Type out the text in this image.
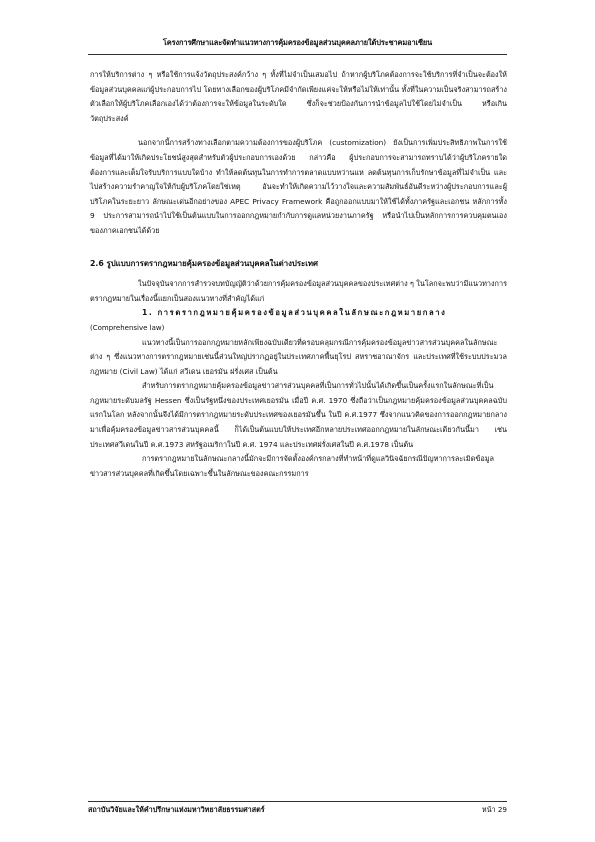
โครงการศึกษาและจัดทำแนวทางการคุ้มครองข้อมูลส่วนบุคคลภายใต้ประชาคมอาเซียน

การให้บริการต่าง ๆ หรือใช้การแจ้งวัตถุประสงค์กว้าง ๆ ทั้งที่ไม่จำเป็นเสมอไป ถ้าหากผู้บริโภคต้องการจะใช้บริการที่จำเป็นจะต้องให้ข้อมูลส่วนบุคคลแก่ผู้ประกอบการไป โดยทางเลือกของผู้บริโภคมีจำกัดเพียงแค่จะให้หรือไม่ให้เท่านั้น ทั้งที่ในความเป็นจริงสามารถสร้างตัวเลือกให้ผู้บริโภคเลือกเองได้ว่าต้องการจะให้ข้อมูลในระดับใด ซึ่งก็จะช่วยป้องกันการนำข้อมูลไปใช้โดยไม่จำเป็น หรือเกินวัตถุประสงค์

นอกจากนี้การสร้างทางเลือกตามความต้องการของผู้บริโภค (customization) ยังเป็นการเพิ่มประสิทธิภาพในการใช้ข้อมูลที่ได้มาให้เกิดประโยชน์สูงสุดสำหรับตัวผู้ประกอบการเองด้วย กล่าวคือ ผู้ประกอบการจะสามารถทราบได้ว่าผู้บริโภครายใดต้องการและเต็มใจรับบริการแบบใดบ้าง ทำให้ลดต้นทุนในการทำการตลาดแบบหว่านแห ลดต้นทุนการเก็บรักษาข้อมูลที่ไม่จำเป็น และไปสร้างความรำคาญใจให้กับผู้บริโภคโดยใช่เหตุ อันจะทำให้เกิดความไว้วางใจและความสัมพันธ์อันดีระหว่างผู้ประกอบการและผู้บริโภคในระยะยาว ลักษณะเด่นอีกอย่างของ APEC Privacy Framework คือถูกออกแบบมาให้ใช้ได้ทั้งภาครัฐและเอกชน หลักการทั้ง 9 ประการสามารถนำไปใช้เป็นต้นแบบในการออกกฎหมายกำกับการดูแลหน่วยงานภาครัฐ หรือนำไปเป็นหลักการการควบคุมตนเองของภาคเอกชนได้ด้วย

2.6 รูปแบบการตรากฎหมายคุ้มครองข้อมูลส่วนบุคคลในต่างประเทศ

ในปัจจุบันจากการสำรวจบทบัญญัติว่าด้วยการคุ้มครองข้อมูลส่วนบุคคลของประเทศต่าง ๆ ในโลกจะพบว่ามีแนวทางการตรากฎหมายในเรื่องนี้แยกเป็นสองแนวทางที่สำคัญได้แก่

1. การตรากฎหมายคุ้มครองข้อมูลส่วนบุคคลในลักษณะกฎหมายกลาง

(Comprehensive law)

แนวทางนี้เป็นการออกกฎหมายหลักเพียงฉบับเดียวที่ครอบคลุมกรณีการคุ้มครองข้อมูลข่าวสารส่วนบุคคลในลักษณะต่าง ๆ ซึ่งแนวทางการตรากฎหมายเช่นนี้ส่วนใหญ่ปรากฏอยู่ในประเทศภาคพื้นยุโรป สหราชอาณาจักร และประเทศที่ใช้ระบบประมวลกฎหมาย (Civil Law) ได้แก่ สวีเดน เยอรมัน ฝรั่งเศส เป็นต้น

สำหรับการตรากฎหมายคุ้มครองข้อมูลข่าวสารส่วนบุคคลที่เป็นการทั่วไปนั้นได้เกิดขึ้นเป็นครั้งแรกในลักษณะที่เป็นกฎหมายระดับมลรัฐ Hessen ซึ่งเป็นรัฐหนึ่งของประเทศเยอรมัน เมื่อปี ค.ศ. 1970 ซึ่งถือว่าเป็นกฎหมายคุ้มครองข้อมูลส่วนบุคคลฉบับแรกในโลก หลังจากนั้นจึงได้มีการตรากฎหมายระดับประเทศของเยอรมันขึ้น ในปี ค.ศ.1977 ซึ่งจากแนวคิดของการออกกฎหมายกลางมาเพื่อคุ้มครองข้อมูลข่าวสารส่วนบุคคลนี้ ก็ได้เป็นต้นแบบให้ประเทศอีกหลายประเทศออกกฎหมายในลักษณะเดียวกันนี้มา เช่น ประเทศสวีเดนในปี ค.ศ.1973 สหรัฐอเมริกาในปี ค.ศ. 1974 และประเทศฝรั่งเศสในปี ค.ศ.1978 เป็นต้น

การตรากฎหมายในลักษณะกลางนี้มักจะมีการจัดตั้งองค์กรกลางที่ทำหน้าที่ดูแลวินิจฉัยกรณีปัญหาการละเมิดข้อมูลข่าวสารส่วนบุคคลที่เกิดขึ้นโดยเฉพาะขึ้นในลักษณะของคณะกรรมการ

สถาบันวิจัยและให้คำปรึกษาแห่งมหาวิทยาลัยธรรมศาสตร์	หน้า 29
